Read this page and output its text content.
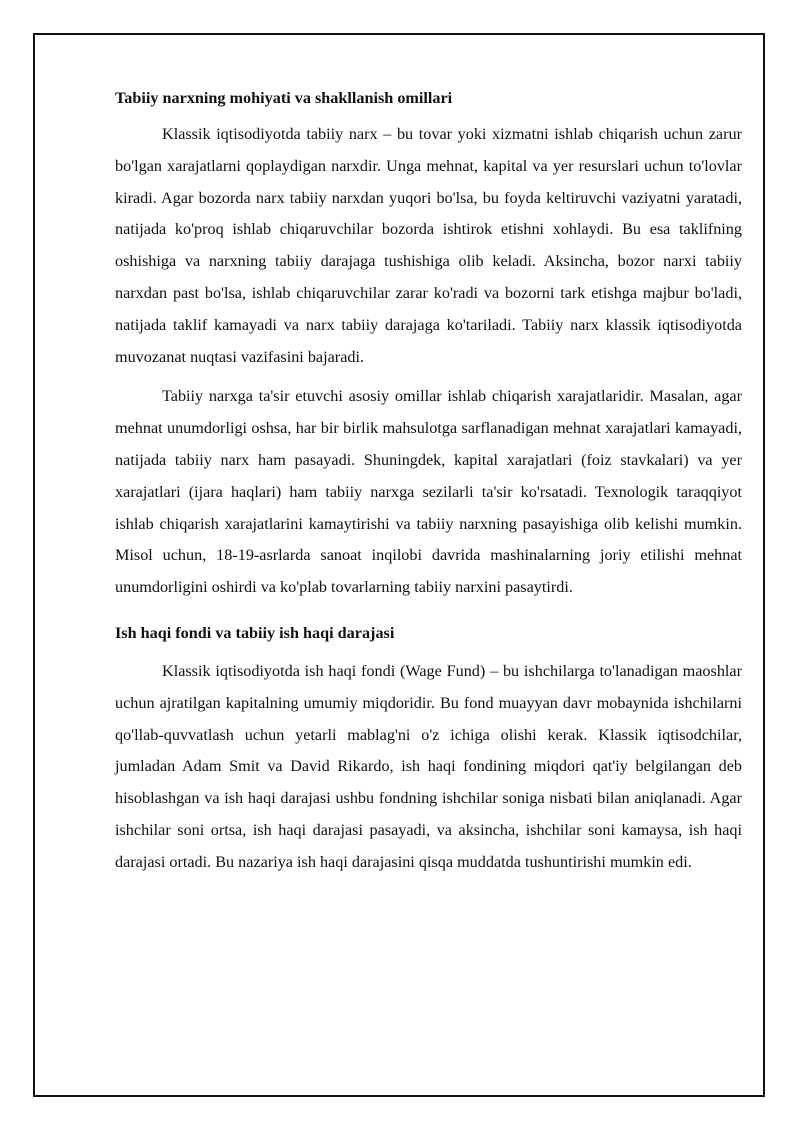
Tabiiy narxning mohiyati va shakllanish omillari

Klassik iqtisodiyotda tabiiy narx – bu tovar yoki xizmatni ishlab chiqarish uchun zarur bo'lgan xarajatlarni qoplaydigan narxdir. Unga mehnat, kapital va yer resurslari uchun to'lovlar kiradi. Agar bozorda narx tabiiy narxdan yuqori bo'lsa, bu foyda keltiruvchi vaziyatni yaratadi, natijada ko'proq ishlab chiqaruvchilar bozorda ishtirok etishni xohlaydi. Bu esa taklifning oshishiga va narxning tabiiy darajaga tushishiga olib keladi. Aksincha, bozor narxi tabiiy narxdan past bo'lsa, ishlab chiqaruvchilar zarar ko'radi va bozorni tark etishga majbur bo'ladi, natijada taklif kamayadi va narx tabiiy darajaga ko'tariladi. Tabiiy narx klassik iqtisodiyotda muvozanat nuqtasi vazifasini bajaradi.

Tabiiy narxga ta'sir etuvchi asosiy omillar ishlab chiqarish xarajatlaridir. Masalan, agar mehnat unumdorligi oshsa, har bir birlik mahsulotga sarflanadigan mehnat xarajatlari kamayadi, natijada tabiiy narx ham pasayadi. Shuningdek, kapital xarajatlari (foiz stavkalari) va yer xarajatlari (ijara haqlari) ham tabiiy narxga sezilarli ta'sir ko'rsatadi. Texnologik taraqqiyot ishlab chiqarish xarajatlarini kamaytirishi va tabiiy narxning pasayishiga olib kelishi mumkin. Misol uchun, 18-19-asrlarda sanoat inqilobi davrida mashinalarning joriy etilishi mehnat unumdorligini oshirdi va ko'plab tovarlarning tabiiy narxini pasaytirdi.

Ish haqi fondi va tabiiy ish haqi darajasi

Klassik iqtisodiyotda ish haqi fondi (Wage Fund) – bu ishchilarga to'lanadigan maoshlar uchun ajratilgan kapitalning umumiy miqdoridir. Bu fond muayyan davr mobaynida ishchilarni qo'llab-quvvatlash uchun yetarli mablag'ni o'z ichiga olishi kerak. Klassik iqtisodchilar, jumladan Adam Smit va David Rikardo, ish haqi fondining miqdori qat'iy belgilangan deb hisoblashgan va ish haqi darajasi ushbu fondning ishchilar soniga nisbati bilan aniqlanadi. Agar ishchilar soni ortsa, ish haqi darajasi pasayadi, va aksincha, ishchilar soni kamaysa, ish haqi darajasi ortadi. Bu nazariya ish haqi darajasini qisqa muddatda tushuntirishi mumkin edi.
